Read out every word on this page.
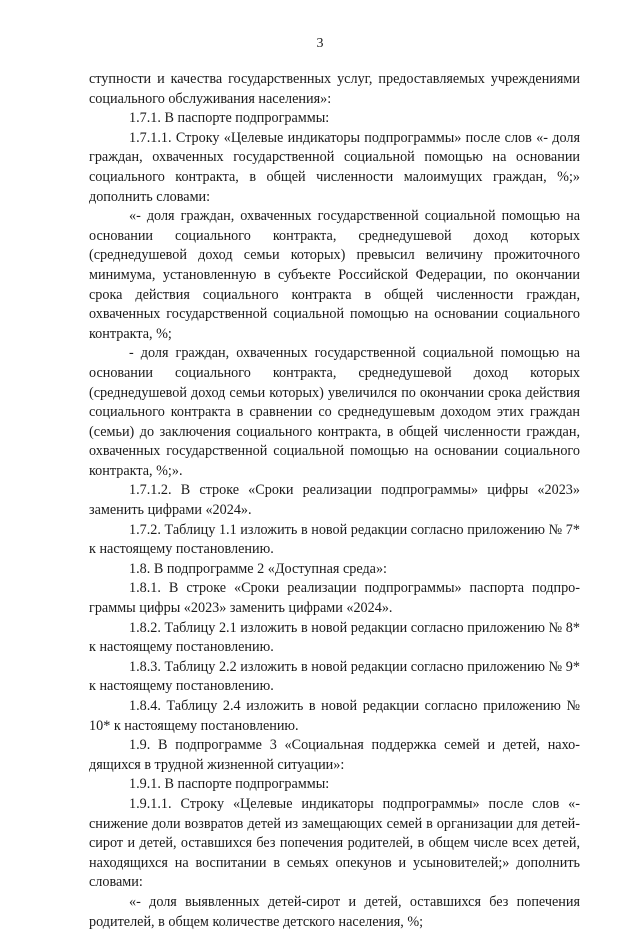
3

ступности и качества государственных услуг, предоставляемых учреждениями социального обслуживания населения»:

1.7.1. В паспорте подпрограммы:

1.7.1.1. Строку «Целевые индикаторы подпрограммы» после слов «- доля граждан, охваченных государственной социальной помощью на основании социального контракта, в общей численности малоимущих граждан, %;» дополнить словами:

«- доля граждан, охваченных государственной социальной помощью на основании социального контракта, среднедушевой доход которых (среднедушевой доход семьи которых) превысил величину прожиточного минимума, установленную в субъекте Российской Федерации, по окончании срока действия социального контракта в общей численности граждан, охваченных государственной социальной помощью на основании социального контракта, %;

- доля граждан, охваченных государственной социальной помощью на основании социального контракта, среднедушевой доход которых (среднедушевой доход семьи которых) увеличился по окончании срока действия социального контракта в сравнении со среднедушевым доходом этих граждан (семьи) до заключения социального контракта, в общей численности граждан, охваченных государственной социальной помощью на основании социального контракта, %;».

1.7.1.2. В строке «Сроки реализации подпрограммы» цифры «2023» заменить цифрами «2024».

1.7.2. Таблицу 1.1 изложить в новой редакции согласно приложению № 7* к настоящему постановлению.

1.8. В подпрограмме 2 «Доступная среда»:

1.8.1. В строке «Сроки реализации подпрограммы» паспорта подпрограммы цифры «2023» заменить цифрами «2024».

1.8.2. Таблицу 2.1 изложить в новой редакции согласно приложению № 8* к настоящему постановлению.

1.8.3. Таблицу 2.2 изложить в новой редакции согласно приложению № 9* к настоящему постановлению.

1.8.4. Таблицу 2.4 изложить в новой редакции согласно приложению № 10* к настоящему постановлению.

1.9. В подпрограмме 3 «Социальная поддержка семей и детей, находящихся в трудной жизненной ситуации»:

1.9.1. В паспорте подпрограммы:

1.9.1.1. Строку «Целевые индикаторы подпрограммы» после слов «- снижение доли возвратов детей из замещающих семей в организации для детей-сирот и детей, оставшихся без попечения родителей, в общем числе всех детей, находящихся на воспитании в семьях опекунов и усыновителей;» дополнить словами:

«- доля выявленных детей-сирот и детей, оставшихся без попечения родителей, в общем количестве детского населения, %;
